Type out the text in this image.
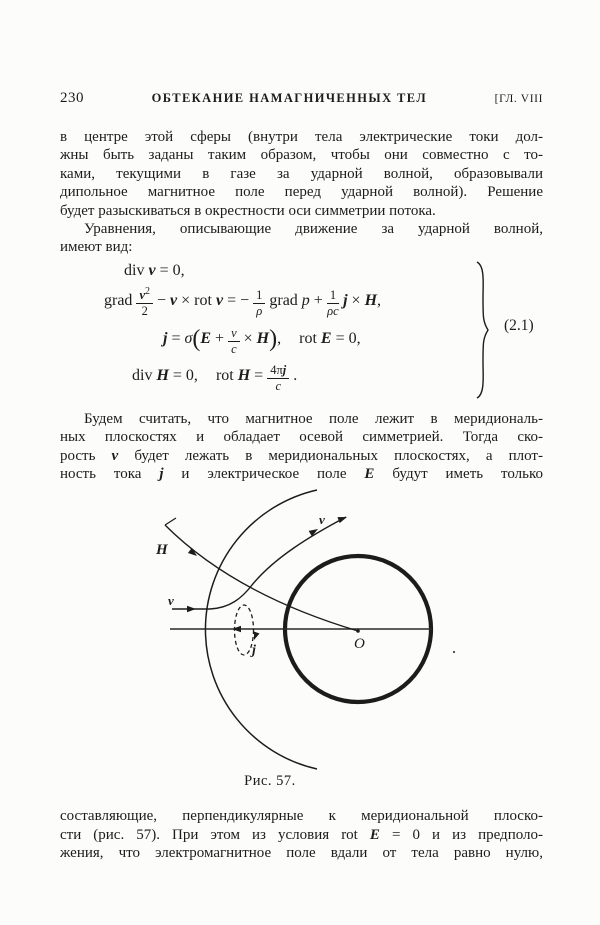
230	ОБТЕКАНИЕ НАМАГНИЧЕННЫХ ТЕЛ	[ГЛ. VIII
в центре этой сферы (внутри тела электрические токи дол-
жны быть заданы таким образом, чтобы они совместно с то-
ками, текущими в газе за ударной волной, образовывали
дипольное магнитное поле перед ударной волной). Решение
будет разыскиваться в окрестности оси симметрии потока.
Уравнения, описывающие движение за ударной волной,
имеют вид:
div v = 0,
grad $\frac{v^2}{2} - v$ × rot v = − $\frac{1}{\rho}$ grad $p + \frac{1}{\rho c}$ j × H,
$j = \sigma(E + \frac{v}{c} \times H)$, rot E = 0,
div H = 0, rot $H = \frac{4\pi j}{c}$ .
(2.1)
Будем считать, что магнитное поле лежит в меридиональ-
ных плоскостях и обладает осевой симметрией. Тогда ско-
рость v будет лежать в меридиональных плоскостях, а плот-
ность тока j и электрическое поле E будут иметь только
H
v
v
j	O
Рис. 57.
составляющие, перпендикулярные к меридиональной плоско-
сти (рис. 57). При этом из условия rot E = 0 и из предполо-
жения, что электромагнитное поле вдали от тела равно нулю,
